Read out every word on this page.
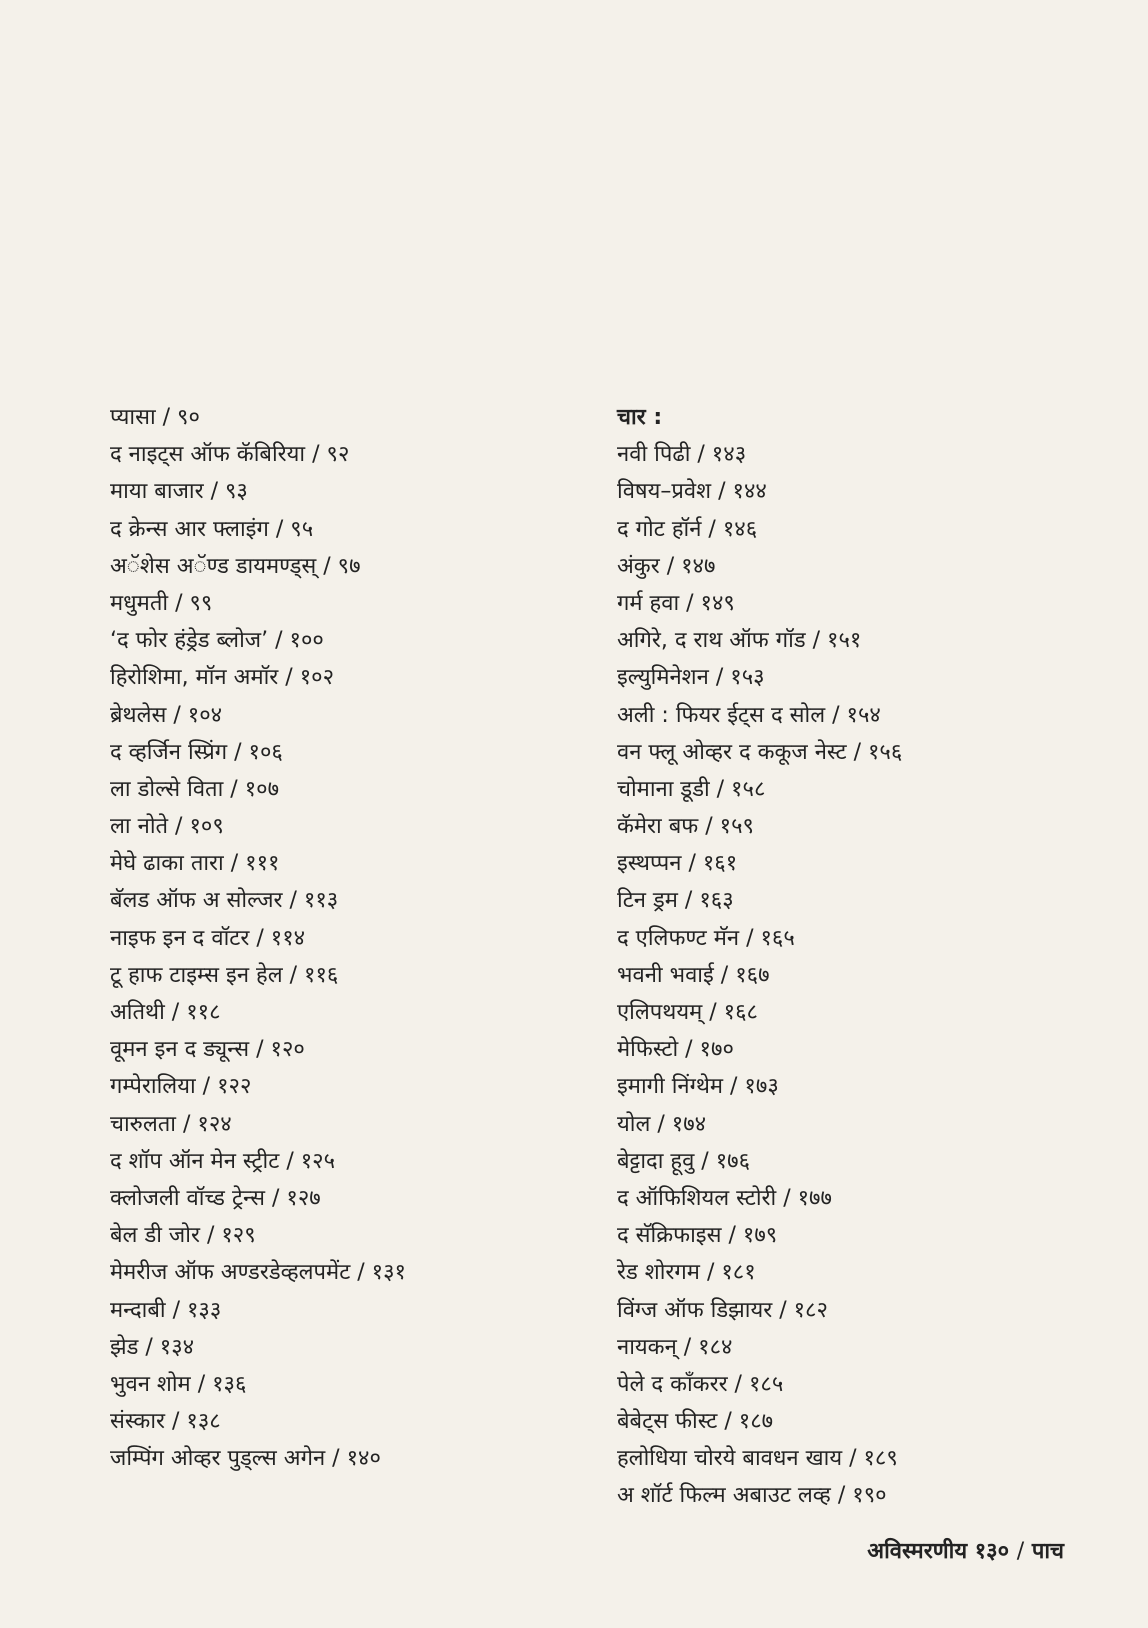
प्यासा / ९०
द नाइट्स ऑफ कॅबिरिया / ९२
माया बाजार / ९३
द क्रेन्स आर फ्लाइंग / ९५
अॅशेस अॅण्ड डायमण्ड्स् / ९७
मधुमती / ९९
‘द फोर हंड्रेड ब्लोज’ / १००
हिरोशिमा, मॉन अमॉर / १०२
ब्रेथलेस / १०४
द व्हर्जिन स्प्रिंग / १०६
ला डोल्से विता / १०७
ला नोते / १०९
मेघे ढाका तारा / १११
बॅलड ऑफ अ सोल्जर / ११३
नाइफ इन द वॉटर / ११४
टू हाफ टाइम्स इन हेल / ११६
अतिथी / ११८
वूमन इन द ड्यून्स / १२०
गम्पेरालिया / १२२
चारुलता / १२४
द शॉप ऑन मेन स्ट्रीट / १२५
क्लोजली वॉच्ड ट्रेन्स / १२७
बेल डी जोर / १२९
मेमरीज ऑफ अण्डरडेव्हलपमेंट / १३१
मन्दाबी / १३३
झेड / १३४
भुवन शोम / १३६
संस्कार / १३८
जम्पिंग ओव्हर पुड्ल्स अगेन / १४०
चार :
नवी पिढी / १४३
विषय–प्रवेश / १४४
द गोट हॉर्न / १४६
अंकुर / १४७
गर्म हवा / १४९
अगिरे, द राथ ऑफ गॉड / १५१
इल्युमिनेशन / १५३
अली : फियर ईट्स द सोल / १५४
वन फ्लू ओव्हर द ककूज नेस्ट / १५६
चोमाना डूडी / १५८
कॅमेरा बफ / १५९
इस्थप्पन / १६१
टिन ड्रम / १६३
द एलिफण्ट मॅन / १६५
भवनी भवाई / १६७
एलिपथयम् / १६८
मेफिस्टो / १७०
इमागी निंग्थेम / १७३
योल / १७४
बेट्टादा हूवु / १७६
द ऑफिशियल स्टोरी / १७७
द सॅक्रिफाइस / १७९
रेड शोरगम / १८१
विंग्ज ऑफ डिझायर / १८२
नायकन् / १८४
पेले द कॉंकरर / १८५
बेबेट्स फीस्ट / १८७
हलोधिया चोरये बावधन खाय / १८९
अ शॉर्ट फिल्म अबाउट लव्ह / १९०
अविस्मरणीय १३० / पाच
